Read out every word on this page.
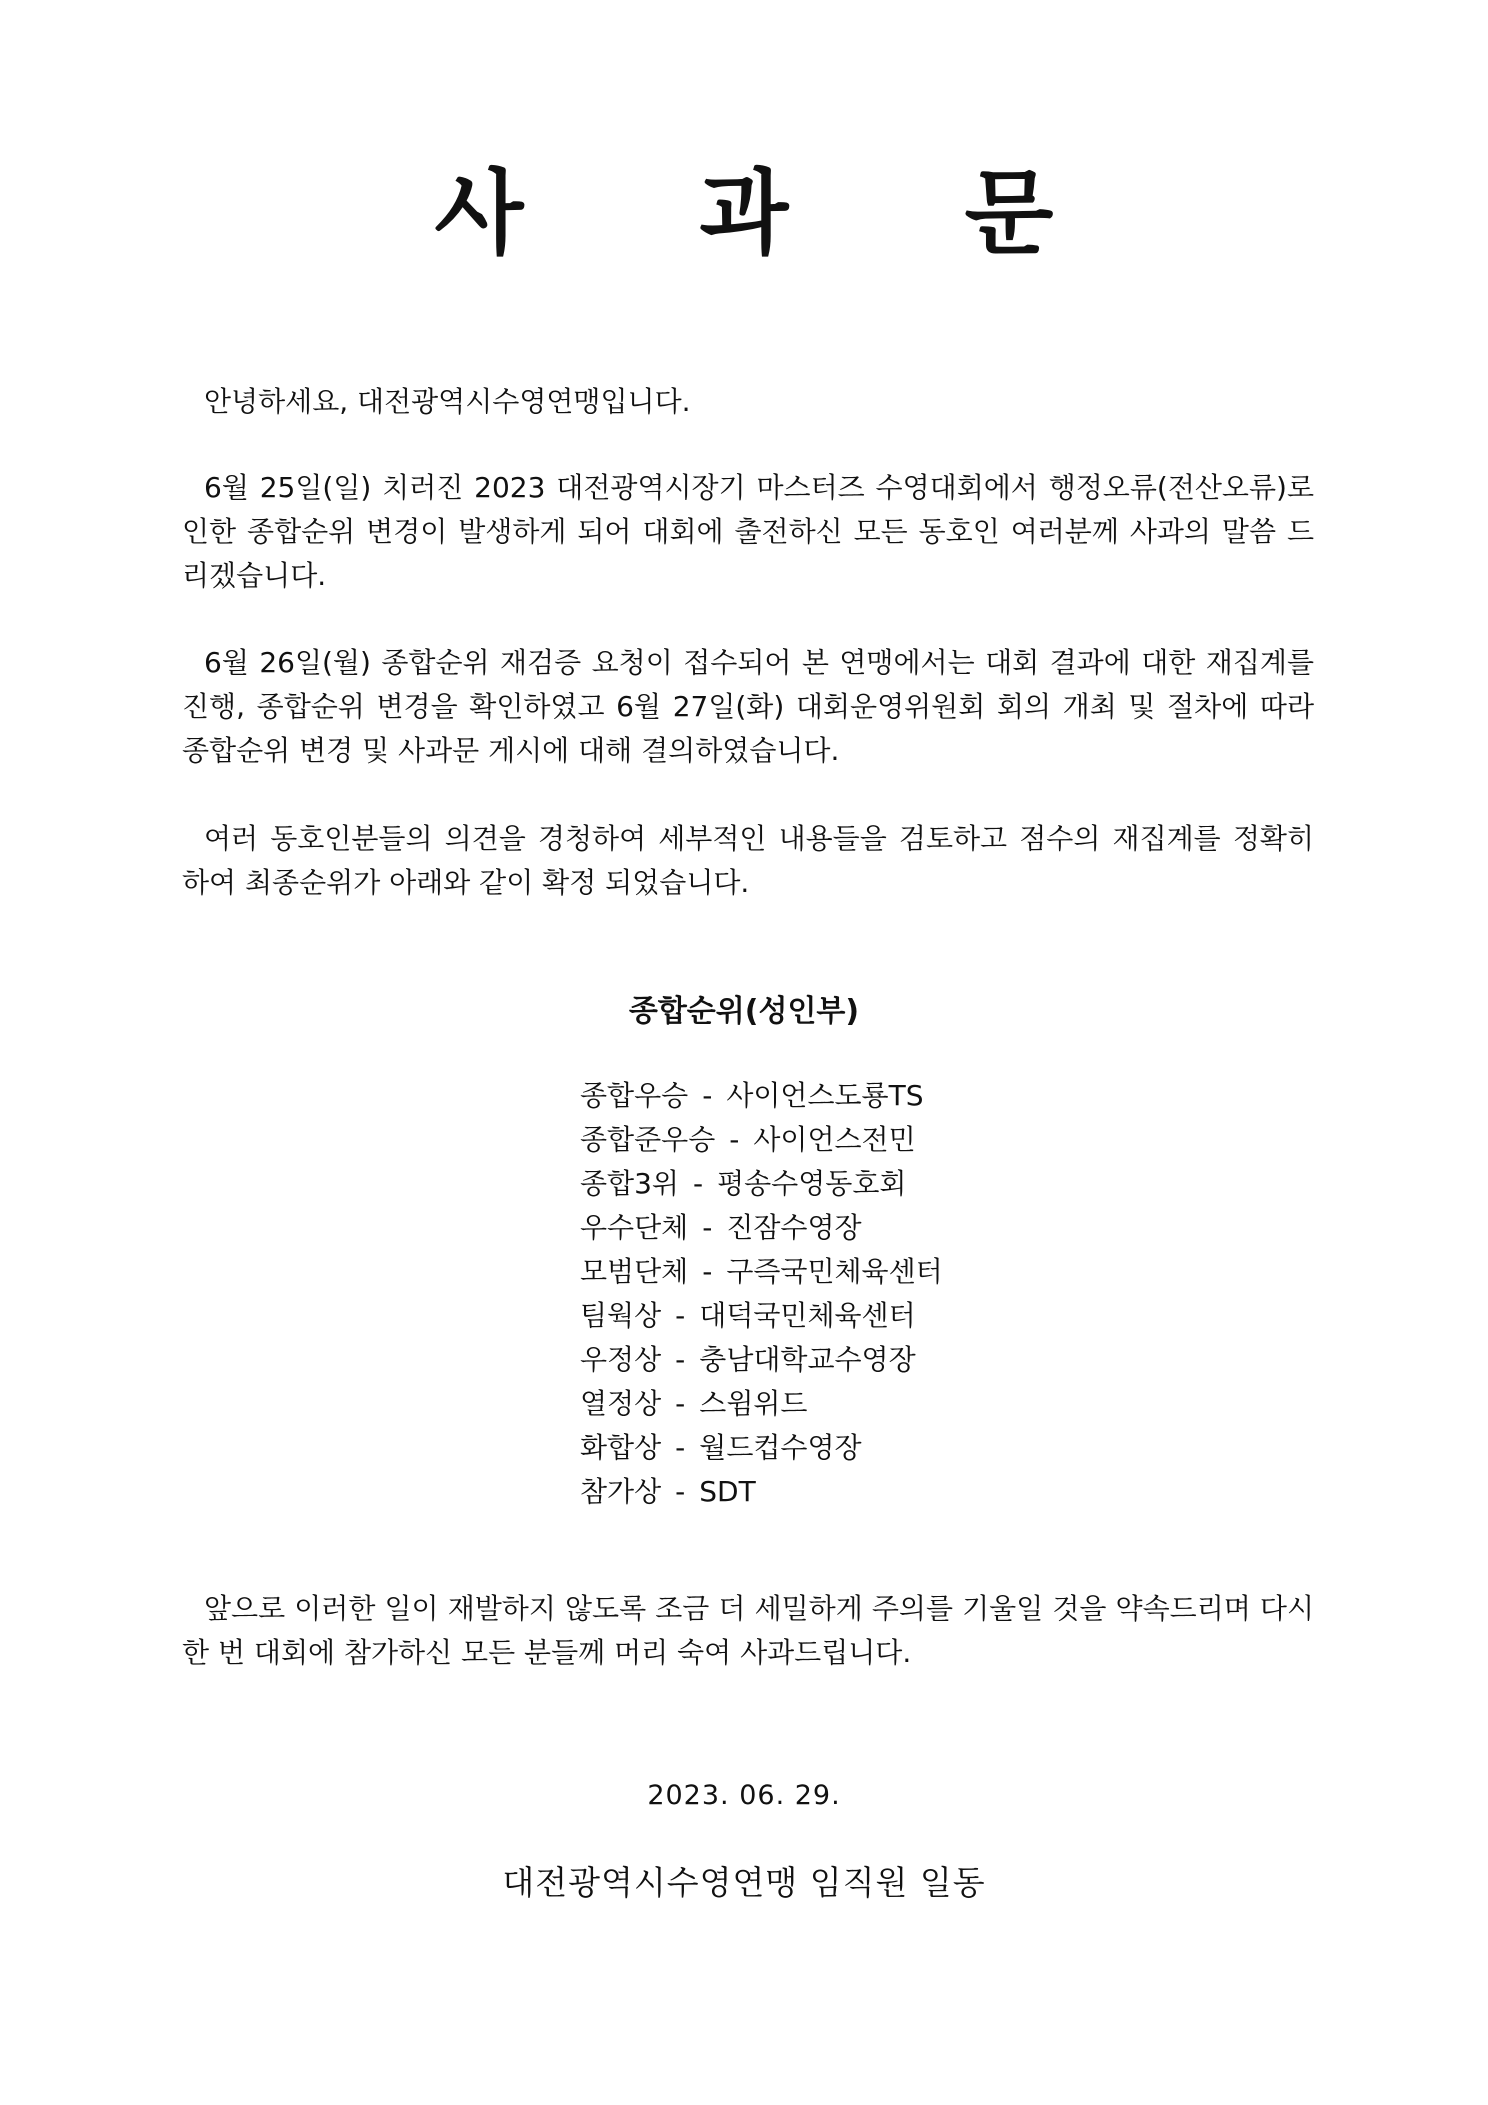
사 과 문

안녕하세요, 대전광역시수영연맹입니다.

6월 25일(일) 치러진 2023 대전광역시장기 마스터즈 수영대회에서 행정오류(전산오류)로 인한 종합순위 변경이 발생하게 되어 대회에 출전하신 모든 동호인 여러분께 사과의 말씀 드리겠습니다.

6월 26일(월) 종합순위 재검증 요청이 접수되어 본 연맹에서는 대회 결과에 대한 재집계를 진행, 종합순위 변경을 확인하였고 6월 27일(화) 대회운영위원회 회의 개최 및 절차에 따라 종합순위 변경 및 사과문 게시에 대해 결의하였습니다.

여러 동호인분들의 의견을 경청하여 세부적인 내용들을 검토하고 점수의 재집계를 정확히 하여 최종순위가 아래와 같이 확정 되었습니다.

종합순위(성인부)
종합우승 - 사이언스도룡TS
종합준우승 - 사이언스전민
종합3위 - 평송수영동호회
우수단체 - 진잠수영장
모범단체 - 구즉국민체육센터
팀웍상 - 대덕국민체육센터
우정상 - 충남대학교수영장
열정상 - 스윔위드
화합상 - 월드컵수영장
참가상 - SDT

앞으로 이러한 일이 재발하지 않도록 조금 더 세밀하게 주의를 기울일 것을 약속드리며 다시 한 번 대회에 참가하신 모든 분들께 머리 숙여 사과드립니다.

2023. 06. 29.
대전광역시수영연맹 임직원 일동
